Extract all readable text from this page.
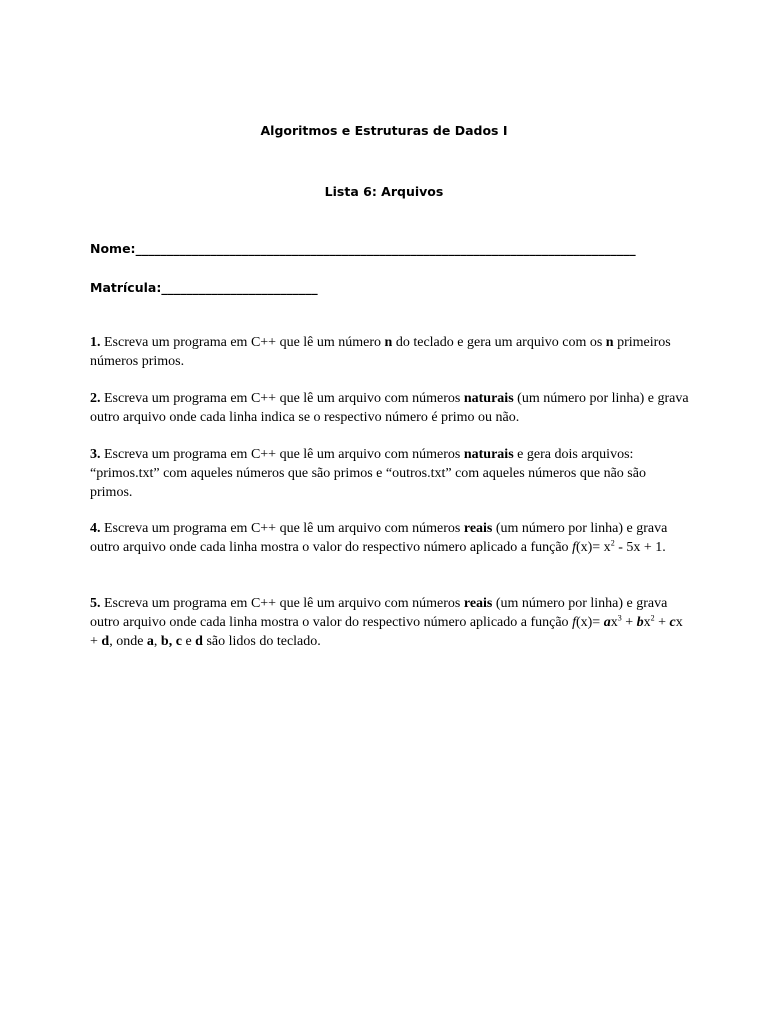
Algoritmos e Estruturas de Dados I
Lista 6: Arquivos
Nome:________________________________________________________________________________
Matrícula:_________________________
1. Escreva um programa em C++ que lê um número n do teclado e gera um arquivo com os n primeiros números primos.
2. Escreva um programa em C++ que lê um arquivo com números naturais (um número por linha) e grava outro arquivo onde cada linha indica se o respectivo número é primo ou não.
3. Escreva um programa em C++ que lê um arquivo com números naturais e gera dois arquivos: “primos.txt” com aqueles números que são primos e “outros.txt” com aqueles números que não são primos.
4. Escreva um programa em C++ que lê um arquivo com números reais (um número por linha) e grava outro arquivo onde cada linha mostra o valor do respectivo número aplicado a função $f(x)= x^2 - 5x + 1$.
5. Escreva um programa em C++ que lê um arquivo com números reais (um número por linha) e grava outro arquivo onde cada linha mostra o valor do respectivo número aplicado a função $f(x)= ax^3 + bx^2$ + cx + d, onde a, b, c e d são lidos do teclado.
